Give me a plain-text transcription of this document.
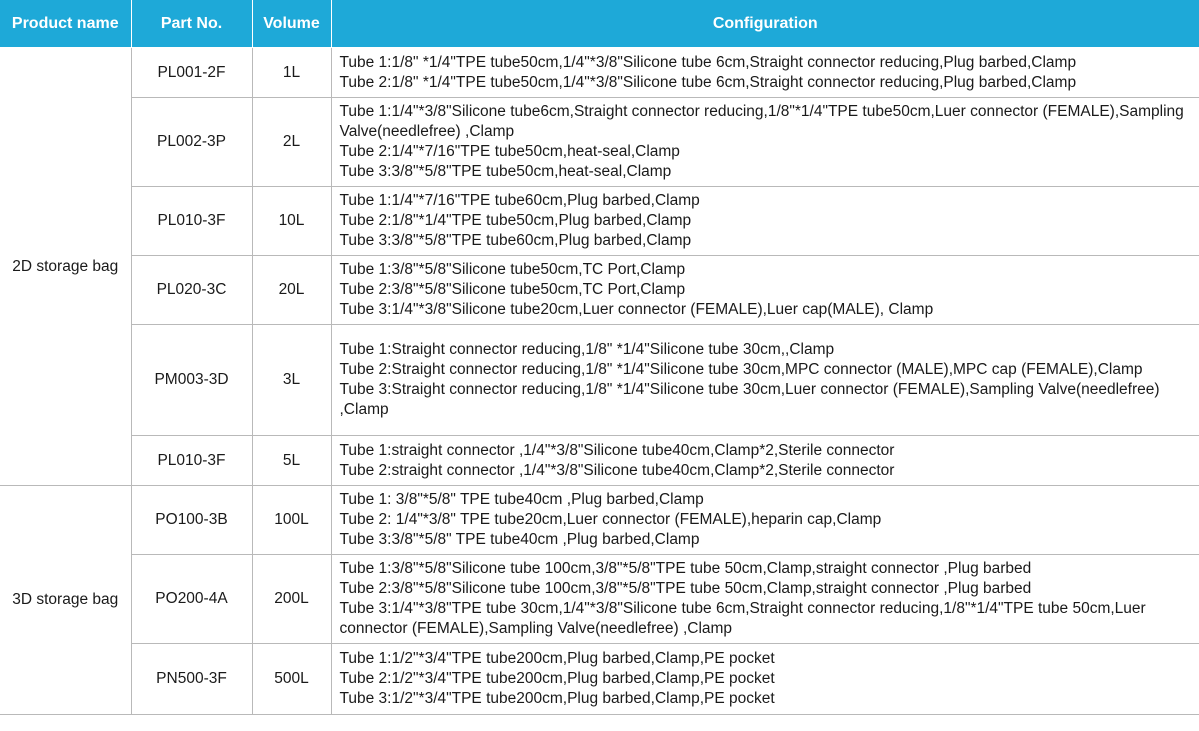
Product name	Part No.	Volume	Configuration
2D storage bag	PL001-2F	1L	Tube 1:1/8" *1/4"TPE tube50cm,1/4"*3/8"Silicone tube 6cm,Straight connector reducing,Plug barbed,Clamp
Tube 2:1/8" *1/4"TPE tube50cm,1/4"*3/8"Silicone tube 6cm,Straight connector reducing,Plug barbed,Clamp

	PL002-3P	2L	Tube 1:1/4"*3/8"Silicone tube6cm,Straight connector reducing,1/8"*1/4"TPE tube50cm,Luer connector (FEMALE),Sampling Valve(needlefree) ,Clamp
Tube 2:1/4"*7/16"TPE tube50cm,heat-seal,Clamp
Tube 3:3/8"*5/8"TPE tube50cm,heat-seal,Clamp

	PL010-3F	10L	Tube 1:1/4"*7/16"TPE tube60cm,Plug barbed,Clamp
Tube 2:1/8"*1/4"TPE tube50cm,Plug barbed,Clamp
Tube 3:3/8"*5/8"TPE tube60cm,Plug barbed,Clamp

	PL020-3C	20L	Tube 1:3/8"*5/8"Silicone tube50cm,TC Port,Clamp
Tube 2:3/8"*5/8"Silicone tube50cm,TC Port,Clamp
Tube 3:1/4"*3/8"Silicone tube20cm,Luer connector (FEMALE),Luer cap(MALE), Clamp

	PM003-3D	3L	Tube 1:Straight connector reducing,1/8" *1/4"Silicone tube 30cm,,Clamp
Tube 2:Straight connector reducing,1/8" *1/4"Silicone tube 30cm,MPC connector (MALE),MPC cap (FEMALE),Clamp
Tube 3:Straight connector reducing,1/8" *1/4"Silicone tube 30cm,Luer connector (FEMALE),Sampling Valve(needlefree) ,Clamp

	PL010-3F	5L	Tube 1:straight connector ,1/4"*3/8"Silicone tube40cm,Clamp*2,Sterile connector
Tube 2:straight connector ,1/4"*3/8"Silicone tube40cm,Clamp*2,Sterile connector

3D storage bag	PO100-3B	100L	Tube 1: 3/8"*5/8" TPE tube40cm ,Plug barbed,Clamp
Tube 2: 1/4"*3/8" TPE tube20cm,Luer connector (FEMALE),heparin cap,Clamp
Tube 3:3/8"*5/8" TPE tube40cm ,Plug barbed,Clamp

	PO200-4A	200L	Tube 1:3/8"*5/8"Silicone tube 100cm,3/8"*5/8"TPE tube 50cm,Clamp,straight connector ,Plug barbed
Tube 2:3/8"*5/8"Silicone tube 100cm,3/8"*5/8"TPE tube 50cm,Clamp,straight connector ,Plug barbed
Tube 3:1/4"*3/8"TPE tube 30cm,1/4"*3/8"Silicone tube 6cm,Straight connector reducing,1/8"*1/4"TPE tube 50cm,Luer connector (FEMALE),Sampling Valve(needlefree) ,Clamp

	PN500-3F	500L	Tube 1:1/2"*3/4"TPE tube200cm,Plug barbed,Clamp,PE pocket
Tube 2:1/2"*3/4"TPE tube200cm,Plug barbed,Clamp,PE pocket
Tube 3:1/2"*3/4"TPE tube200cm,Plug barbed,Clamp,PE pocket
